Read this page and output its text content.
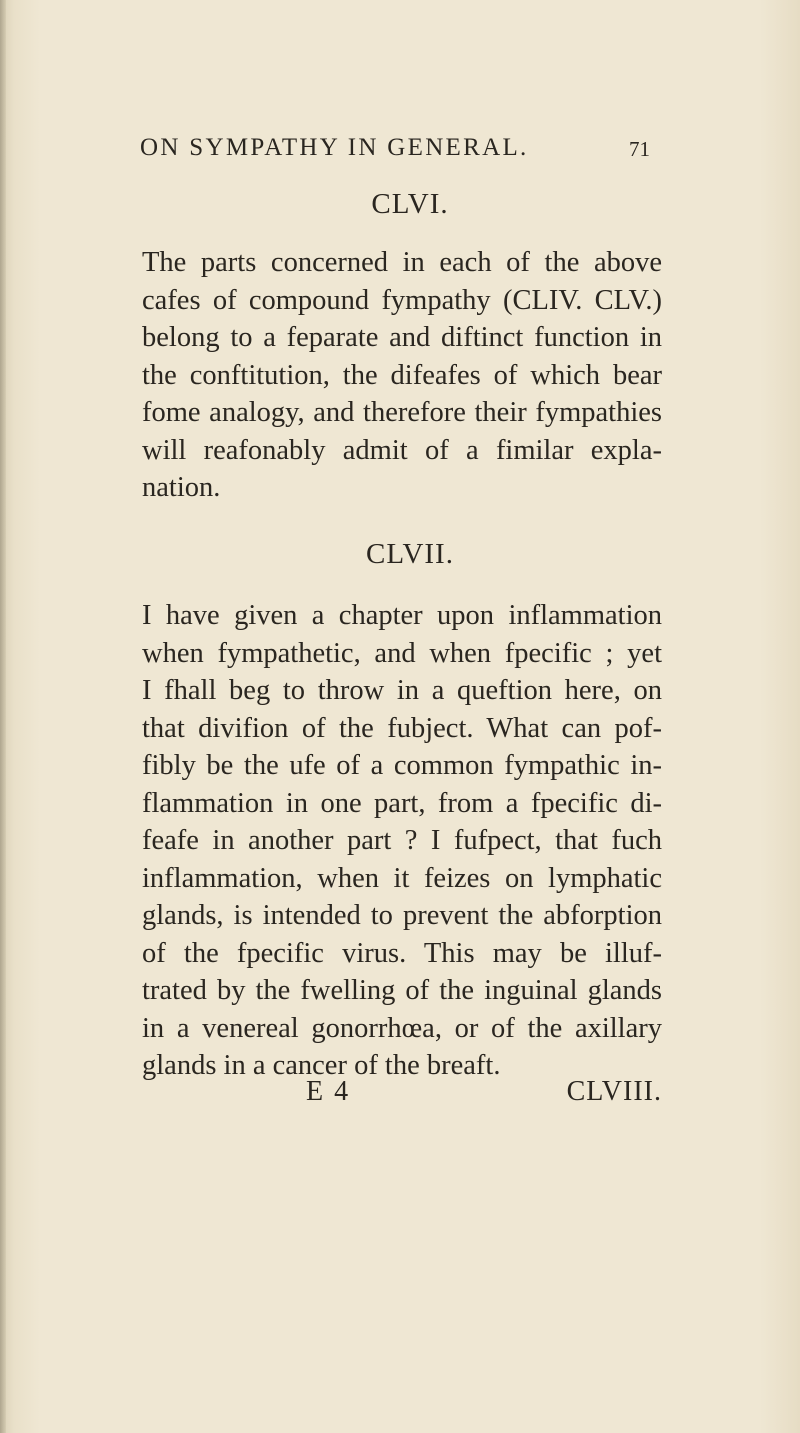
ON SYMPATHY IN GENERAL.	71
CLVI.
The parts concerned in each of the above
cafes of compound fympathy (CLIV. CLV.)
belong to a feparate and diftinct function in
the conftitution, the difeafes of which bear
fome analogy, and therefore their fympathies
will reafonably admit of a fimilar expla-
nation.
CLVII.
I have given a chapter upon inflammation
when fympathetic, and when fpecific ; yet
I fhall beg to throw in a queftion here, on
that divifion of the fubject. What can pof-
fibly be the ufe of a common fympathic in-
flammation in one part, from a fpecific di-
feafe in another part ? I fufpect, that fuch
inflammation, when it feizes on lymphatic
glands, is intended to prevent the abforption
of the fpecific virus. This may be illuf-
trated by the fwelling of the inguinal glands
in a venereal gonorrhœa, or of the axillary
glands in a cancer of the breaft.
E 4	CLVIII.
